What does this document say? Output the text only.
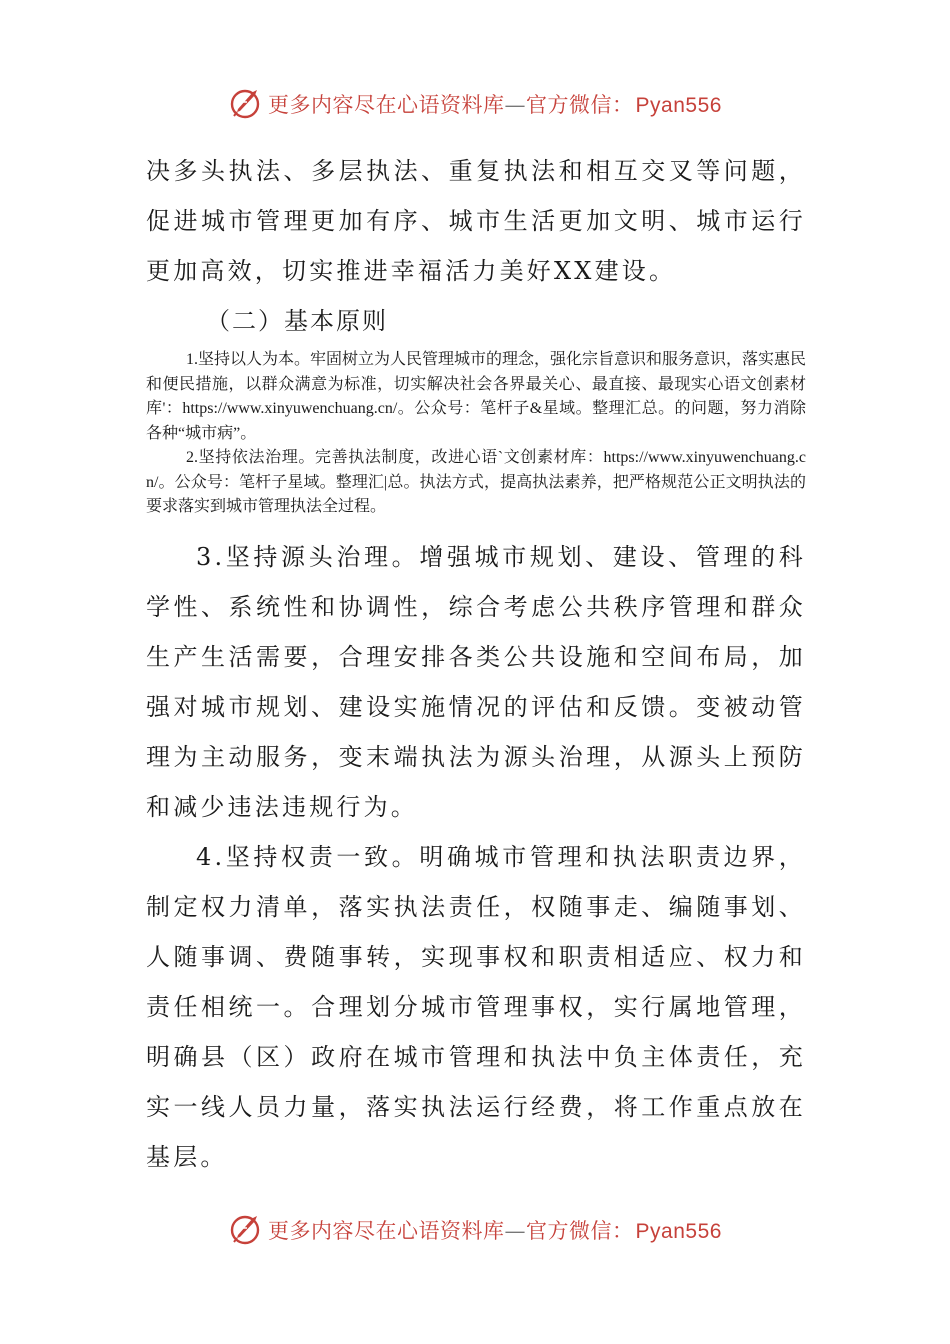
更多内容尽在心语资料库 — 官方微信： Pyan556

决多头执法、多层执法、重复执法和相互交叉等问题，促进城市管理更加有序、城市生活更加文明、城市运行更加高效，切实推进幸福活力美好XX建设。

（二）基本原则

1.坚持以人为本。牢固树立为人民管理城市的理念，强化宗旨意识和服务意识，落实惠民和便民措施，以群众满意为标准，切实解决社会各界最关心、最直接、最现实心语文创素材库'：https://www.xinyuwenchuang.cn/。公众号：笔杆子&星域。整理汇总。的问题，努力消除各种“城市病”。

2.坚持依法治理。完善执法制度，改进心语`文创素材库：https://www.xinyuwenchuang.cn/。公众号：笔杆子星域。整理汇|总。执法方式，提高执法素养，把严格规范公正文明执法的要求落实到城市管理执法全过程。

3.坚持源头治理。增强城市规划、建设、管理的科学性、系统性和协调性，综合考虑公共秩序管理和群众生产生活需要，合理安排各类公共设施和空间布局，加强对城市规划、建设实施情况的评估和反馈。变被动管理为主动服务，变末端执法为源头治理，从源头上预防和减少违法违规行为。

4.坚持权责一致。明确城市管理和执法职责边界，制定权力清单，落实执法责任，权随事走、编随事划、人随事调、费随事转，实现事权和职责相适应、权力和责任相统一。合理划分城市管理事权，实行属地管理，明确县（区）政府在城市管理和执法中负主体责任，充实一线人员力量，落实执法运行经费，将工作重点放在基层。

更多内容尽在心语资料库 — 官方微信： Pyan556
